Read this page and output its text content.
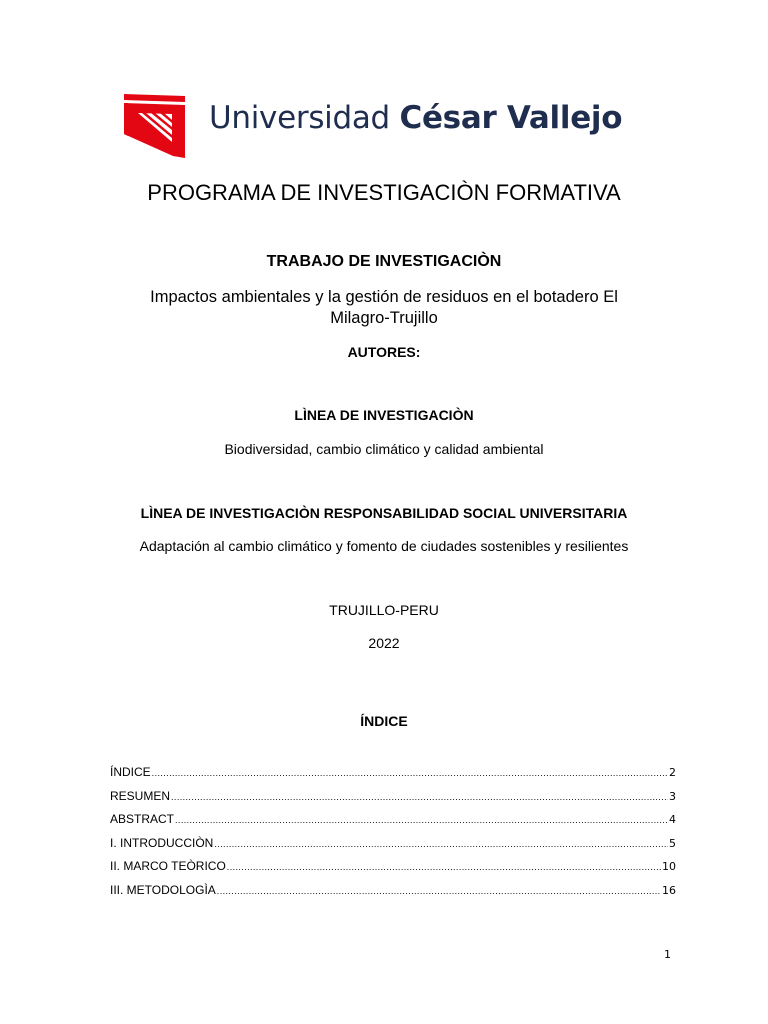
Universidad César Vallejo
PROGRAMA DE INVESTIGACIÒN FORMATIVA
TRABAJO DE INVESTIGACIÒN
Impactos ambientales y la gestión de residuos en el botadero El
Milagro-Trujillo
AUTORES:
LÌNEA DE INVESTIGACIÒN
Biodiversidad, cambio climático y calidad ambiental
LÌNEA DE INVESTIGACIÒN RESPONSABILIDAD SOCIAL UNIVERSITARIA
Adaptación al cambio climático y fomento de ciudades sostenibles y resilientes
TRUJILLO-PERU
2022
ÍNDICE
ÍNDICE .....	2
RESUMEN .....	3
ABSTRACT .....	4
I. INTRODUCCIÒN .....	5
II. MARCO TEÒRICO .....	10
III. METODOLOGÌA .....	16
1
